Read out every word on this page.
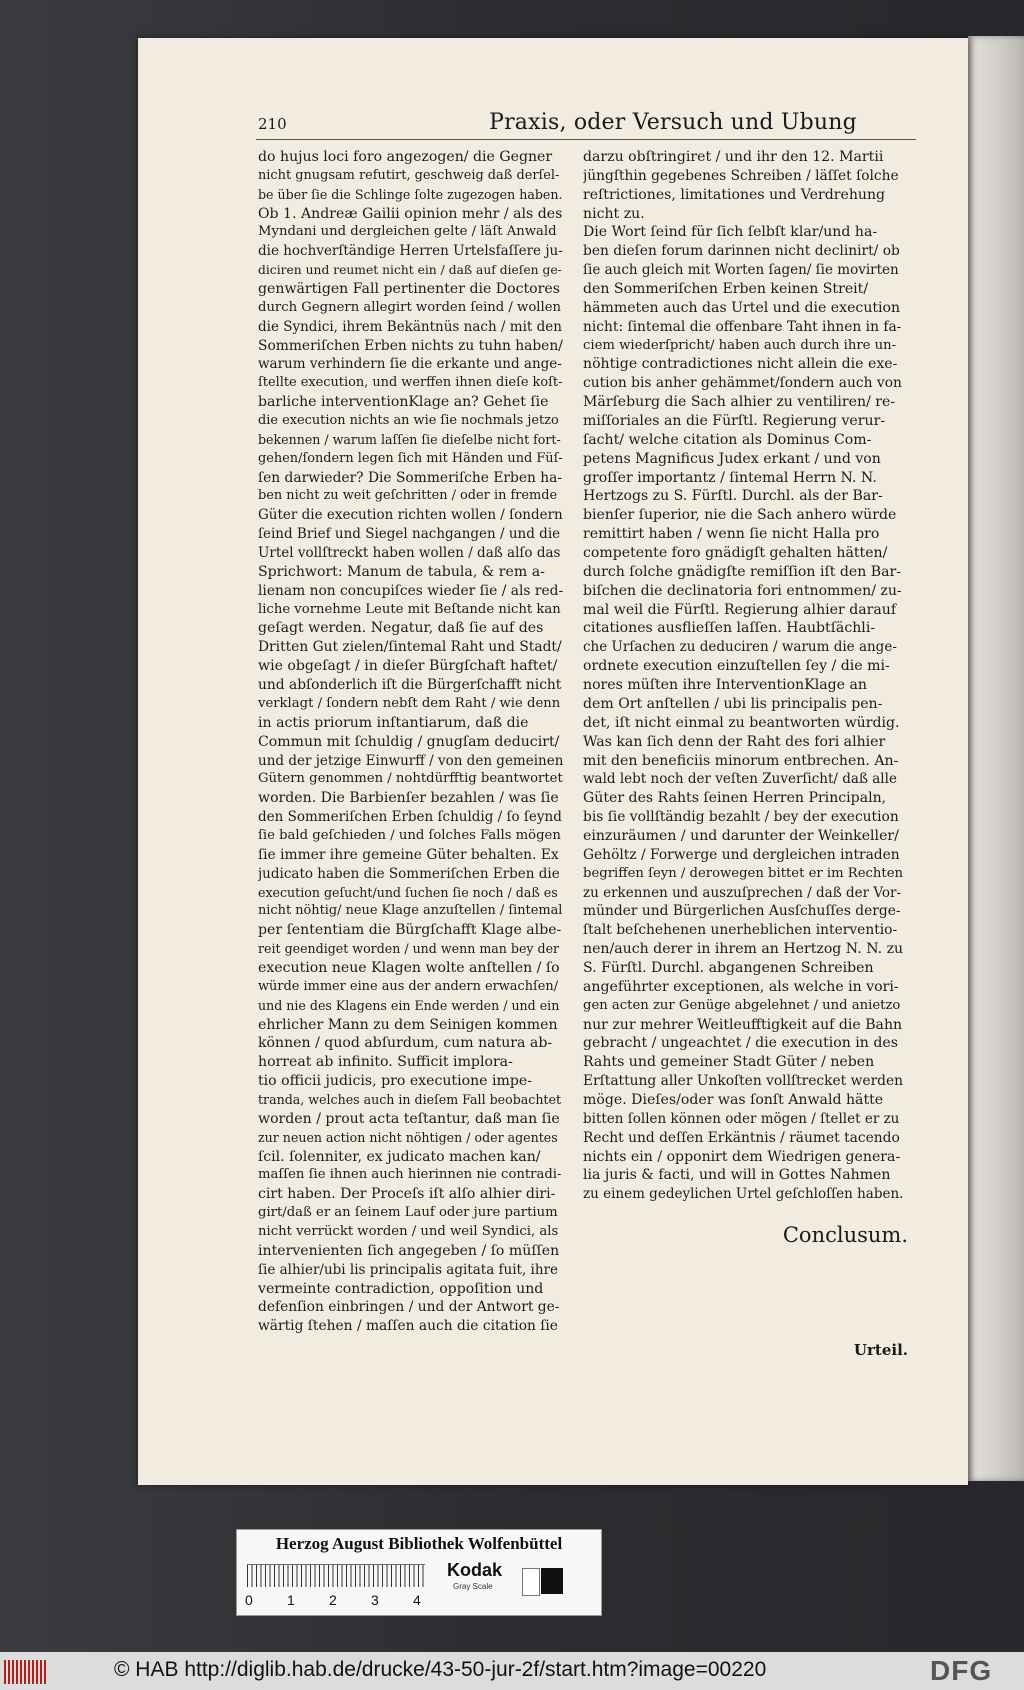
210	Praxis, oder Versuch und Ubung
do hujus loci foro angezogen/ die Gegner
nicht gnugsam refutirt, geschweig daß derſel-
be über ſie die Schlinge ſolte zugezogen haben.
Ob 1. Andreæ Gailii opinion mehr / als des
Myndani und dergleichen gelte / läſt Anwald
die hochverſtändige Herren Urtelsfaſſere ju-
diciren und reumet nicht ein / daß auf dieſen ge-
genwärtigen Fall pertinenter die Doctores
durch Gegnern allegirt worden ſeind / wollen
die Syndici, ihrem Bekäntnüs nach / mit den
Sommeriſchen Erben nichts zu tuhn haben/
warum verhindern ſie die erkante und ange-
ſtellte execution, und werffen ihnen dieſe koſt-
barliche interventionKlage an? Gehet ſie
die execution nichts an wie ſie nochmals jetzo
bekennen / warum laſſen ſie dieſelbe nicht fort-
gehen/ſondern legen ſich mit Händen und Füſ-
ſen darwieder? Die Sommeriſche Erben ha-
ben nicht zu weit geſchritten / oder in fremde
Güter die execution richten wollen / ſondern
ſeind Brief und Siegel nachgangen / und die
Urtel vollſtreckt haben wollen / daß alſo das
Sprichwort: Manum de tabula, & rem a-
lienam non concupiſces wieder ſie / als red-
liche vornehme Leute mit Beſtande nicht kan
geſagt werden. Negatur, daß ſie auf des
Dritten Gut zielen/ſintemal Raht und Stadt/
wie obgeſagt / in dieſer Bürgſchaft haftet/
und abſonderlich iſt die Bürgerſchafft nicht
verklagt / ſondern nebſt dem Raht / wie denn
in actis priorum inſtantiarum, daß die
Commun mit ſchuldig / gnugſam deducirt/
und der jetzige Einwurff / von den gemeinen
Gütern genommen / nohtdürfftig beantwortet
worden. Die Barbienſer bezahlen / was ſie
den Sommeriſchen Erben ſchuldig / ſo ſeynd
ſie bald geſchieden / und ſolches Falls mögen
ſie immer ihre gemeine Güter behalten. Ex
judicato haben die Sommeriſchen Erben die
execution geſucht/und ſuchen ſie noch / daß es
nicht nöhtig/ neue Klage anzuſtellen / ſintemal
per ſententiam die Bürgſchafft Klage albe-
reit geendiget worden / und wenn man bey der
execution neue Klagen wolte anſtellen / ſo
würde immer eine aus der andern erwachſen/
und nie des Klagens ein Ende werden / und ein
ehrlicher Mann zu dem Seinigen kommen
können / quod abſurdum, cum natura ab-
horreat ab infinito. Sufficit implora-
tio officii judicis, pro executione impe-
tranda, welches auch in dieſem Fall beobachtet
worden / prout acta teſtantur, daß man ſie
zur neuen action nicht nöhtigen / oder agentes
ſcil. ſolenniter, ex judicato machen kan/
maſſen ſie ihnen auch hierinnen nie contradi-
cirt haben. Der Proceſs iſt alſo alhier diri-
girt/daß er an ſeinem Lauf oder jure partium
nicht verrückt worden / und weil Syndici, als
intervenienten ſich angegeben / ſo müſſen
ſie alhier/ubi lis principalis agitata fuit, ihre
vermeinte contradiction, oppoſition und
defenſion einbringen / und der Antwort ge-
wärtig ſtehen / maſſen auch die citation ſie
darzu obſtringiret / und ihr den 12. Martii
jüngſthin gegebenes Schreiben / läſſet ſolche
reſtrictiones, limitationes und Verdrehung
nicht zu.
Die Wort ſeind für ſich ſelbſt klar/und ha-
ben dieſen forum darinnen nicht declinirt/ ob
ſie auch gleich mit Worten ſagen/ ſie movirten
den Sommeriſchen Erben keinen Streit/
hämmeten auch das Urtel und die execution
nicht: ſintemal die offenbare Taht ihnen in fa-
ciem wiederſpricht/ haben auch durch ihre un-
nöhtige contradictiones nicht allein die exe-
cution bis anher gehämmet/ſondern auch von
Märſeburg die Sach alhier zu ventiliren/ re-
miſſoriales an die Fürſtl. Regierung verur-
ſacht/ welche citation als Dominus Com-
petens Magnificus Judex erkant / und von
groſſer importantz / ſintemal Herrn N. N.
Hertzogs zu S. Fürſtl. Durchl. als der Bar-
bienſer ſuperior, nie die Sach anhero würde
remittirt haben / wenn ſie nicht Halla pro
competente foro gnädigſt gehalten hätten/
durch ſolche gnädigſte remiſſion iſt den Bar-
biſchen die declinatoria fori entnommen/ zu-
mal weil die Fürſtl. Regierung alhier darauf
citationes ausflieſſen laſſen. Haubtſächli-
che Urſachen zu deduciren / warum die ange-
ordnete execution einzuſtellen ſey / die mi-
nores müſten ihre InterventionKlage an
dem Ort anſtellen / ubi lis principalis pen-
det, iſt nicht einmal zu beantworten würdig.
Was kan ſich denn der Raht des fori alhier
mit den beneficiis minorum entbrechen. An-
wald lebt noch der veſten Zuverſicht/ daß alle
Güter des Rahts ſeinen Herren Principaln,
bis ſie vollſtändig bezahlt / bey der execution
einzuräumen / und darunter der Weinkeller/
Gehöltz / Forwerge und dergleichen intraden
begriffen ſeyn / derowegen bittet er im Rechten
zu erkennen und auszuſprechen / daß der Vor-
münder und Bürgerlichen Ausſchuſſes derge-
ſtalt beſchehenen unerheblichen interventio-
nen/auch derer in ihrem an Hertzog N. N. zu
S. Fürſtl. Durchl. abgangenen Schreiben
angeführter exceptionen, als welche in vori-
gen acten zur Genüge abgelehnet / und anietzo
nur zur mehrer Weitleufftigkeit auf die Bahn
gebracht / ungeachtet / die execution in des
Rahts und gemeiner Stadt Güter / neben
Erſtattung aller Unkoſten vollſtrecket werden
möge. Dieſes/oder was ſonſt Anwald hätte
bitten ſollen können oder mögen / ſtellet er zu
Recht und deſſen Erkäntnis / räumet tacendo
nichts ein / opponirt dem Wiedrigen genera-
lia juris & facti, und will in Gottes Nahmen
zu einem gedeylichen Urtel geſchloſſen haben.
Conclusum.
Urteil.
Herzog August Bibliothek Wolfenbüttel
0 1 2 3 4
Kodak
Gray Scale
© HAB http://diglib.hab.de/drucke/43-50-jur-2f/start.htm?image=00220	DFG
